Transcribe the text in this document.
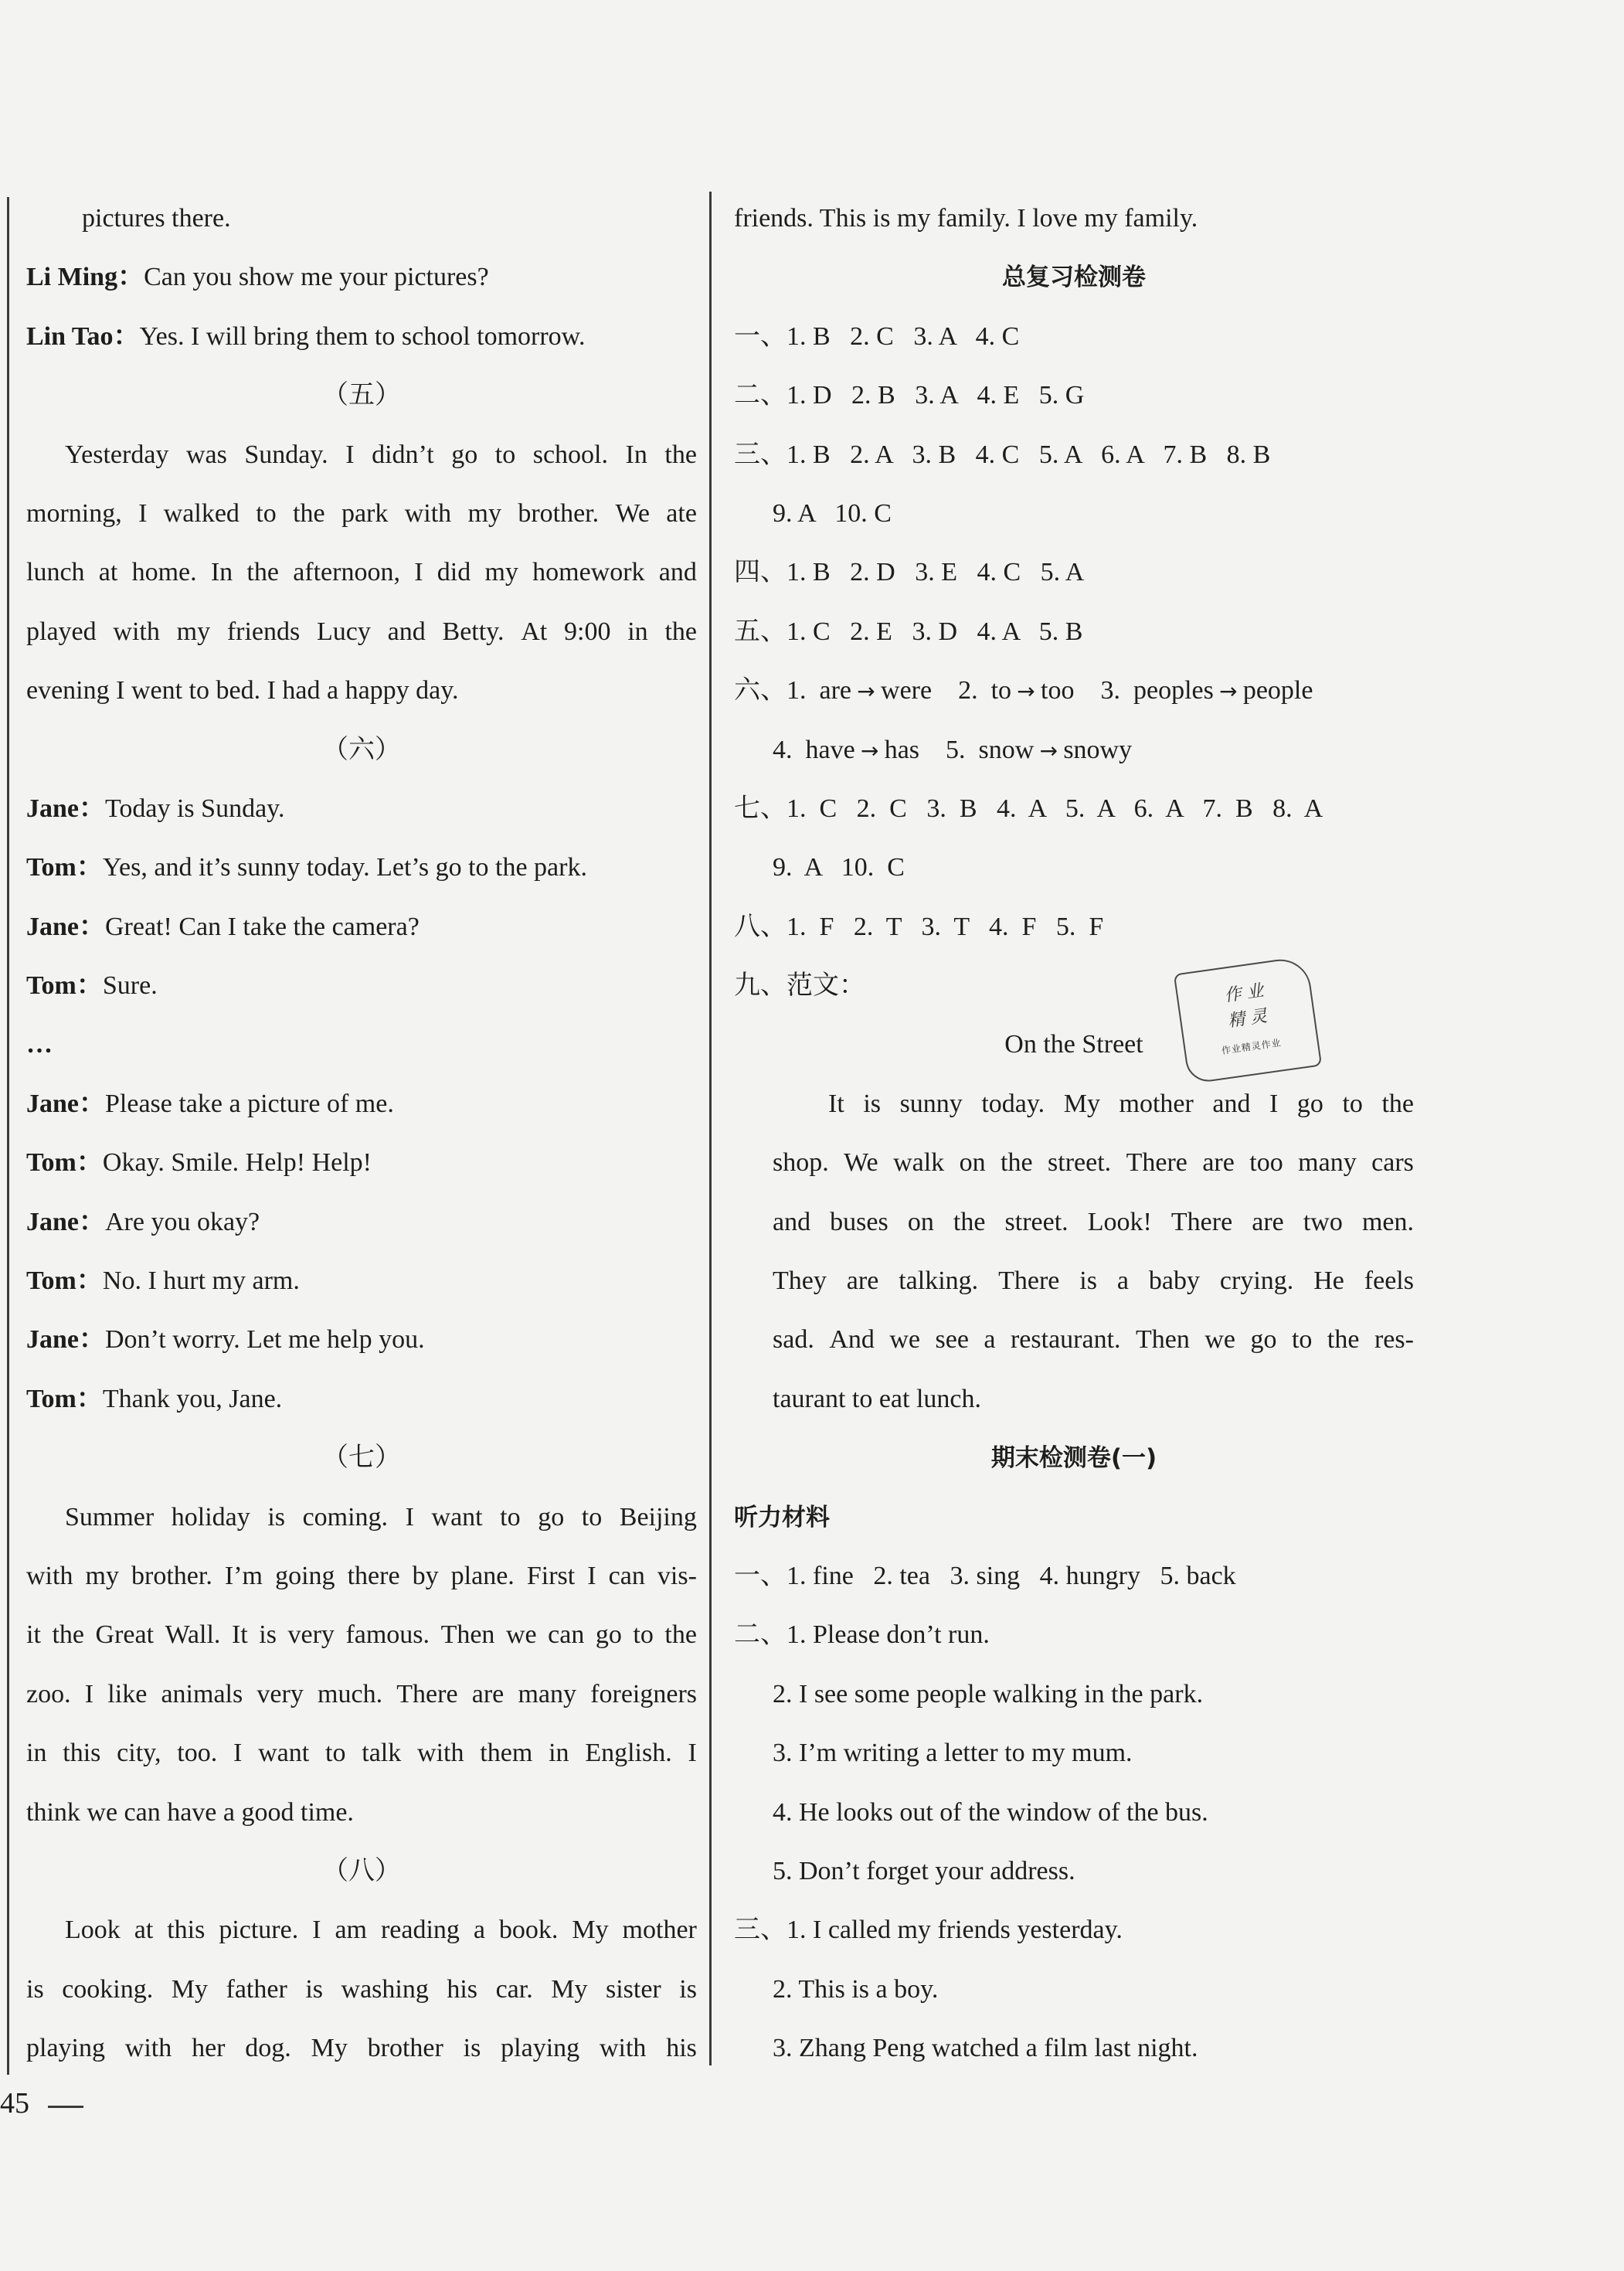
pictures there.
Li Ming：Can you show me your pictures?
Lin Tao：Yes. I will bring them to school tomorrow.
（五）
Yesterday was Sunday. I didn’t go to school. In the
morning, I walked to the park with my brother. We ate
lunch at home. In the afternoon, I did my homework and
played with my friends Lucy and Betty. At 9:00 in the
evening I went to bed. I had a happy day.
（六）
Jane：Today is Sunday.
Tom：Yes, and it’s sunny today. Let’s go to the park.
Jane：Great! Can I take the camera?
Tom：Sure.
…
Jane：Please take a picture of me.
Tom：Okay. Smile. Help! Help!
Jane：Are you okay?
Tom：No. I hurt my arm.
Jane：Don’t worry. Let me help you.
Tom：Thank you, Jane.
（七）
Summer holiday is coming. I want to go to Beijing
with my brother. I’m going there by plane. First I can vis-
it the Great Wall. It is very famous. Then we can go to the
zoo. I like animals very much. There are many foreigners
in this city, too. I want to talk with them in English. I
think we can have a good time.
（八）
Look at this picture. I am reading a book. My mother
is cooking. My father is washing his car. My sister is
playing with her dog. My brother is playing with his
friends. This is my family. I love my family.
总复习检测卷
一、1. B   2. C   3. A   4. C
二、1. D   2. B   3. A   4. E   5. G
三、1. B   2. A   3. B   4. C   5. A   6. A   7. B   8. B
9. A   10. C
四、1. B   2. D   3. E   4. C   5. A
五、1. C   2. E   3. D   4. A   5. B
六、1.  are → were    2.  to → too    3.  peoples → people
4.  have → has    5.  snow → snowy
七、1.  C   2.  C   3.  B   4.  A   5.  A   6.  A   7.  B   8.  A
9.  A   10.  C
八、1.  F   2.  T   3.  T   4.  F   5.  F
九、范文：
On the Street
It is sunny today. My mother and I go to the
shop. We walk on the street. There are too many cars
and buses on the street. Look! There are two men.
They are talking. There is a baby crying. He feels
sad. And we see a restaurant. Then we go to the res-
taurant to eat lunch.
期末检测卷(一)
听力材料
一、1. fine   2. tea   3. sing   4. hungry   5. back
二、1. Please don’t run.
2. I see some people walking in the park.
3. I’m writing a letter to my mum.
4. He looks out of the window of the bus.
5. Don’t forget your address.
三、1. I called my friends yesterday.
2. This is a boy.
3. Zhang Peng watched a film last night.
作 业
精 灵
作业精灵作业
45
